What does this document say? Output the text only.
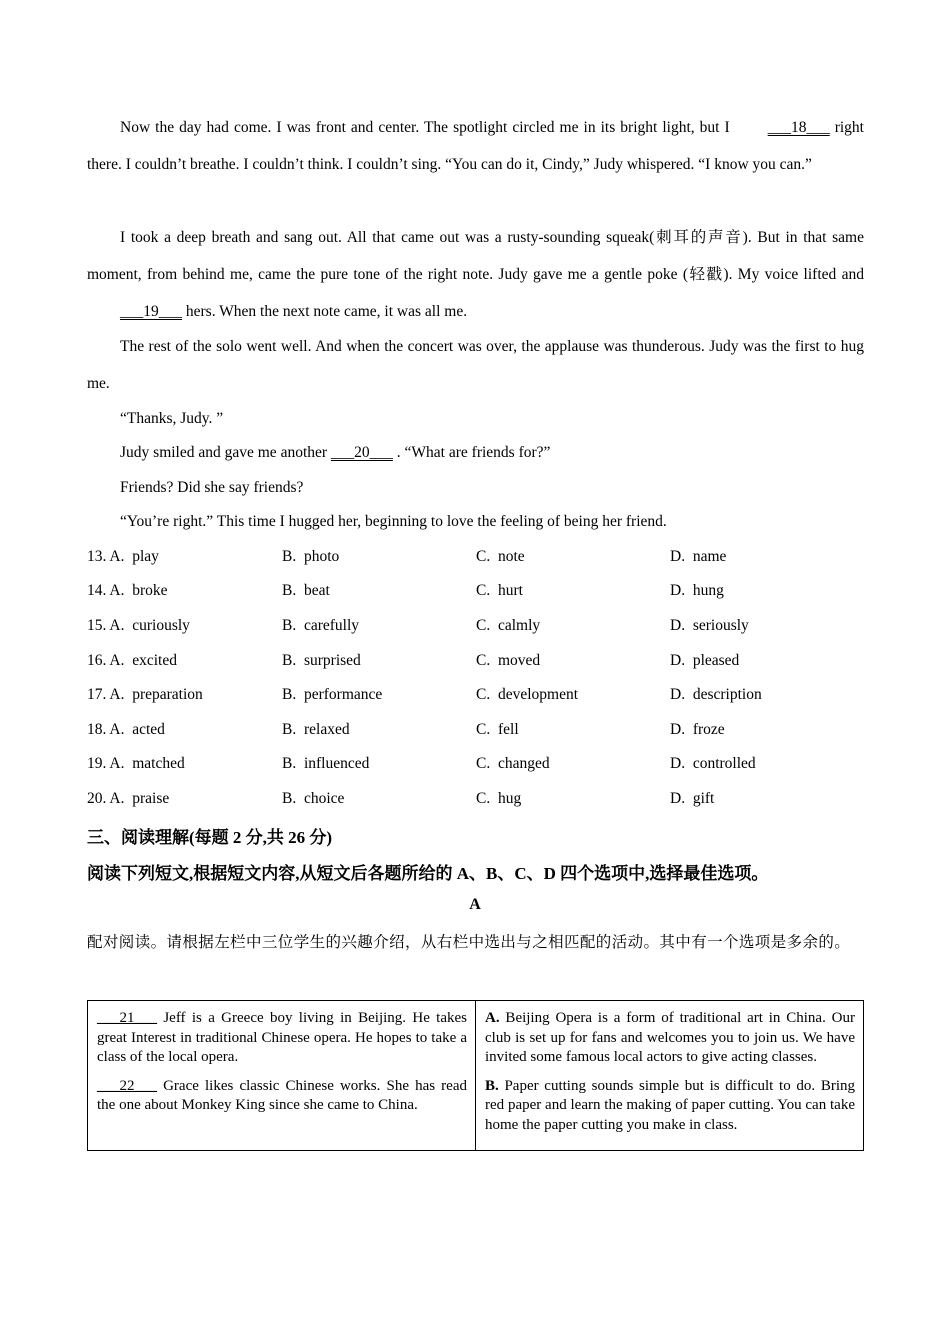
Now the day had come. I was front and center. The spotlight circled me in its bright light, but I ___18___ right there. I couldn’t breathe. I couldn’t think. I couldn’t sing. “You can do it, Cindy,” Judy whispered. “I know you can.”

I took a deep breath and sang out. All that came out was a rusty-sounding squeak(刺耳的声音). But in that same moment, from behind me, came the pure tone of the right note. Judy gave me a gentle poke (轻戳). My voice lifted and ___19___ hers. When the next note came, it was all me.

The rest of the solo went well. And when the concert was over, the applause was thunderous. Judy was the first to hug me.

“Thanks, Judy. ”
Judy smiled and gave me another ___20___ . “What are friends for?”
Friends? Did she say friends?
“You’re right.” This time I hugged her, beginning to love the feeling of being her friend.
13. A. play	B. photo	C. note	D. name
14. A. broke	B. beat	C. hurt	D. hung
15. A. curiously	B. carefully	C. calmly	D. seriously
16. A. excited	B. surprised	C. moved	D. pleased
17. A. preparation	B. performance	C. development	D. description
18. A. acted	B. relaxed	C. fell	D. froze
19. A. matched	B. influenced	C. changed	D. controlled
20. A. praise	B. choice	C. hug	D. gift
三、阅读理解(每题 2 分,共 26 分)
阅读下列短文,根据短文内容,从短文后各题所给的 A、B、C、D 四个选项中,选择最佳选项。
A
配对阅读。请根据左栏中三位学生的兴趣介绍，从右栏中选出与之相匹配的活动。其中有一个选项是多余的。
___21___ Jeff is a Greece boy living in Beijing. He takes great Interest in traditional Chinese opera. He hopes to take a class of the local opera.
___22___ Grace likes classic Chinese works. She has read the one about Monkey King since she came to China.

A. Beijing Opera is a form of traditional art in China. Our club is set up for fans and welcomes you to join us. We have invited some famous local actors to give acting classes.
B. Paper cutting sounds simple but is difficult to do. Bring red paper and learn the making of paper cutting. You can take home the paper cutting you make in class.
